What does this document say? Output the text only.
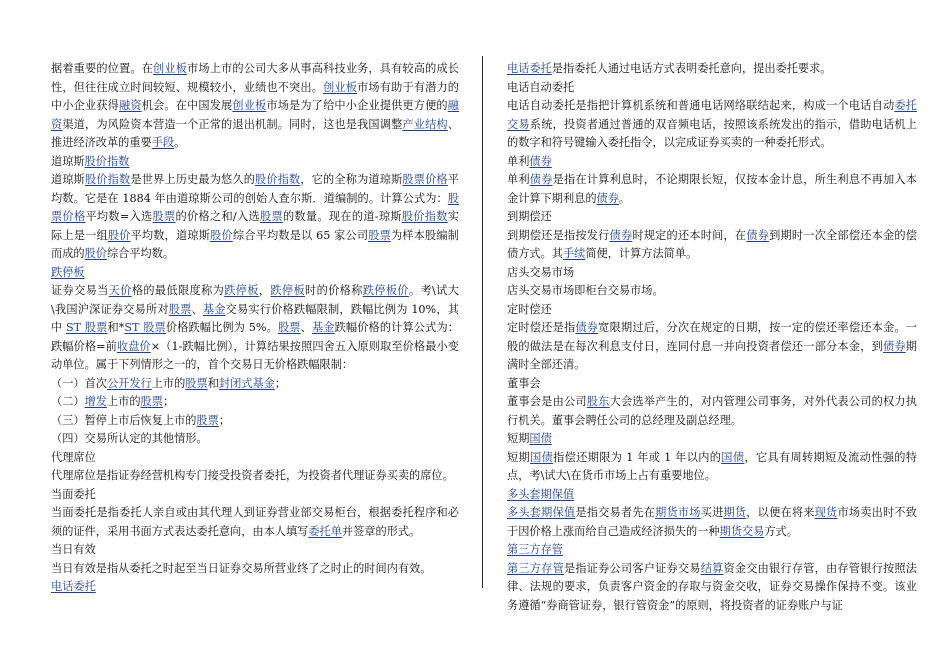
据着重要的位置。在创业板市场上市的公司大多从事高科技业务，具有较高的成长性，但往往成立时间较短、规模较小，业绩也不突出。创业板市场有助于有潜力的中小企业获得融资机会。在中国发展创业板市场是为了给中小企业提供更方便的融资渠道，为风险资本营造一个正常的退出机制。同时，这也是我国调整产业结构、推进经济改革的重要手段。
道琼斯股价指数
道琼斯股价指数是世界上历史最为悠久的股价指数，它的全称为道琼斯股票价格平均数。它是在 1884 年由道琼斯公司的创始人查尔斯．道编制的。计算公式为：股票价格平均数=入选股票的价格之和/入选股票的数量。现在的道-琼斯股价指数实际上是一组股价平均数，道琼斯股价综合平均数是以 65 家公司股票为样本股编制而成的股价综合平均数。
跌停板
证券交易当天价格的最低限度称为跌停板，跌停板时的价格称跌停板价。考\试大\我国沪深证券交易所对股票、基金交易实行价格跌幅限制，跌幅比例为 10%，其中 ST 股票和*ST 股票价格跌幅比例为 5%。股票、基金跌幅价格的计算公式为：跌幅价格=前收盘价×（1-跌幅比例），计算结果按照四舍五入原则取至价格最小变动单位。属于下列情形之一的，首个交易日无价格跌幅限制：
（一）首次公开发行上市的股票和封闭式基金；
（二）增发上市的股票；
（三）暂停上市后恢复上市的股票；
（四）交易所认定的其他情形。
代理席位
代理席位是指证券经营机构专门接受投资者委托，为投资者代理证券买卖的席位。
当面委托
当面委托是指委托人亲自或由其代理人到证券营业部交易柜台，根据委托程序和必须的证件，采用书面方式表达委托意向，由本人填写委托单并签章的形式。
当日有效
当日有效是指从委托之时起至当日证券交易所营业终了之时止的时间内有效。
电话委托
电话委托是指委托人通过电话方式表明委托意向，提出委托要求。
电话自动委托
电话自动委托是指把计算机系统和普通电话网络联结起来，构成一个电话自动委托交易系统，投资者通过普通的双音频电话，按照该系统发出的指示，借助电话机上的数字和符号键输入委托指令，以完成证券买卖的一种委托形式。
单利债券
单利债券是指在计算利息时，不论期限长短，仅按本金计息，所生利息不再加入本金计算下期利息的债券。
到期偿还
到期偿还是指按发行债券时规定的还本时间，在债券到期时一次全部偿还本金的偿债方式。其手续简便，计算方法简单。
店头交易市场
店头交易市场即柜台交易市场。
定时偿还
定时偿还是指债券宽限期过后，分次在规定的日期，按一定的偿还率偿还本金。一般的做法是在每次利息支付日，连同付息一并向投资者偿还一部分本金，到债券期满时全部还清。
董事会
董事会是由公司股东大会选举产生的，对内管理公司事务，对外代表公司的权力执行机关。董事会聘任公司的总经理及副总经理。
短期国债
短期国债指偿还期限为 1 年或 1 年以内的国债，它具有周转期短及流动性强的特点，考\试大\在货币市场上占有重要地位。
多头套期保值
多头套期保值是指交易者先在期货市场买进期货，以便在将来现货市场卖出时不致于因价格上涨而给自己造成经济损失的一种期货交易方式。
第三方存管
第三方存管是指证券公司客户证券交易结算资金交由银行存管，由存管银行按照法律、法规的要求，负责客户资金的存取与资金交收，证券交易操作保持不变。该业务遵循“券商管证券，银行管资金”的原则，将投资者的证券账户与证
